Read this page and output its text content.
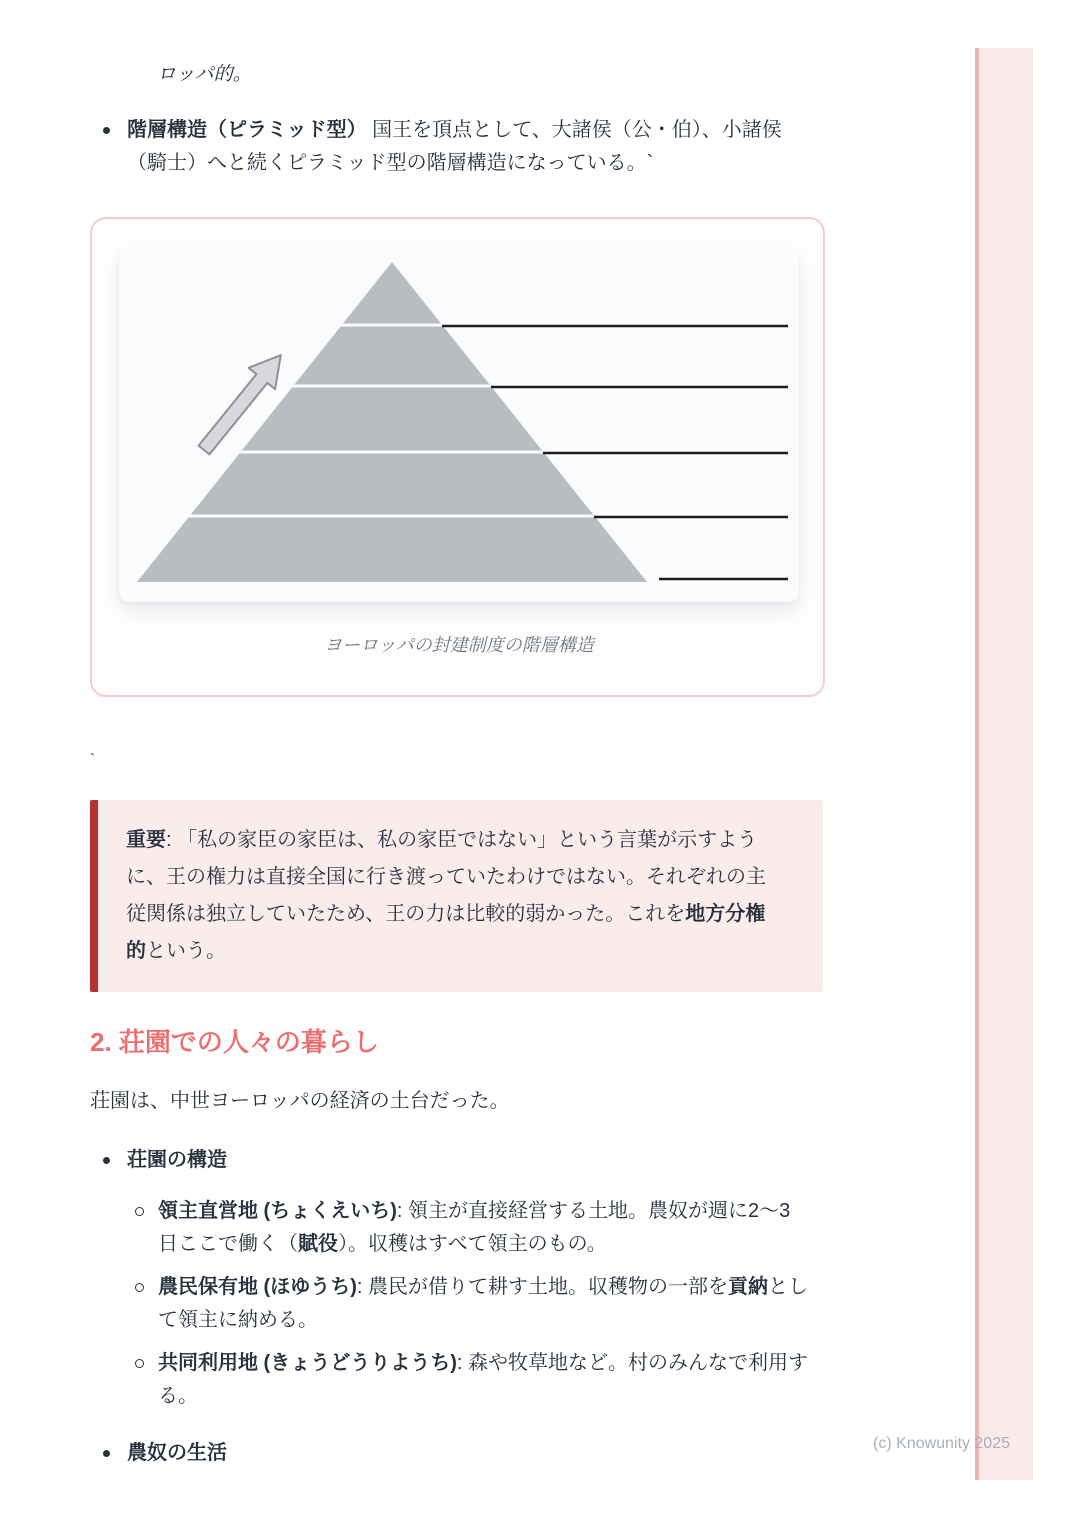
(c) Knowunity 2025

ロッパ的。

階層構造（ピラミッド型） 国王を頂点として、大諸侯（公・伯）、小諸侯
（騎士）へと続くピラミッド型の階層構造になっている。`
ヨーロッパの封建制度の階層構造

`

重要: 「私の家臣の家臣は、私の家臣ではない」という言葉が示すよう
に、王の権力は直接全国に行き渡っていたわけではない。それぞれの主
従関係は独立していたため、王の力は比較的弱かった。これを地方分権
的という。

2. 荘園での人々の暮らし

荘園は、中世ヨーロッパの経済の土台だった。

荘園の構造
領主直営地 (ちょくえいち): 領主が直接経営する土地。農奴が週に2〜3
日ここで働く（賦役）。収穫はすべて領主のもの。
農民保有地 (ほゆうち): 農民が借りて耕す土地。収穫物の一部を貢納とし
て領主に納める。
共同利用地 (きょうどうりようち): 森や牧草地など。村のみんなで利用す
る。
農奴の生活
